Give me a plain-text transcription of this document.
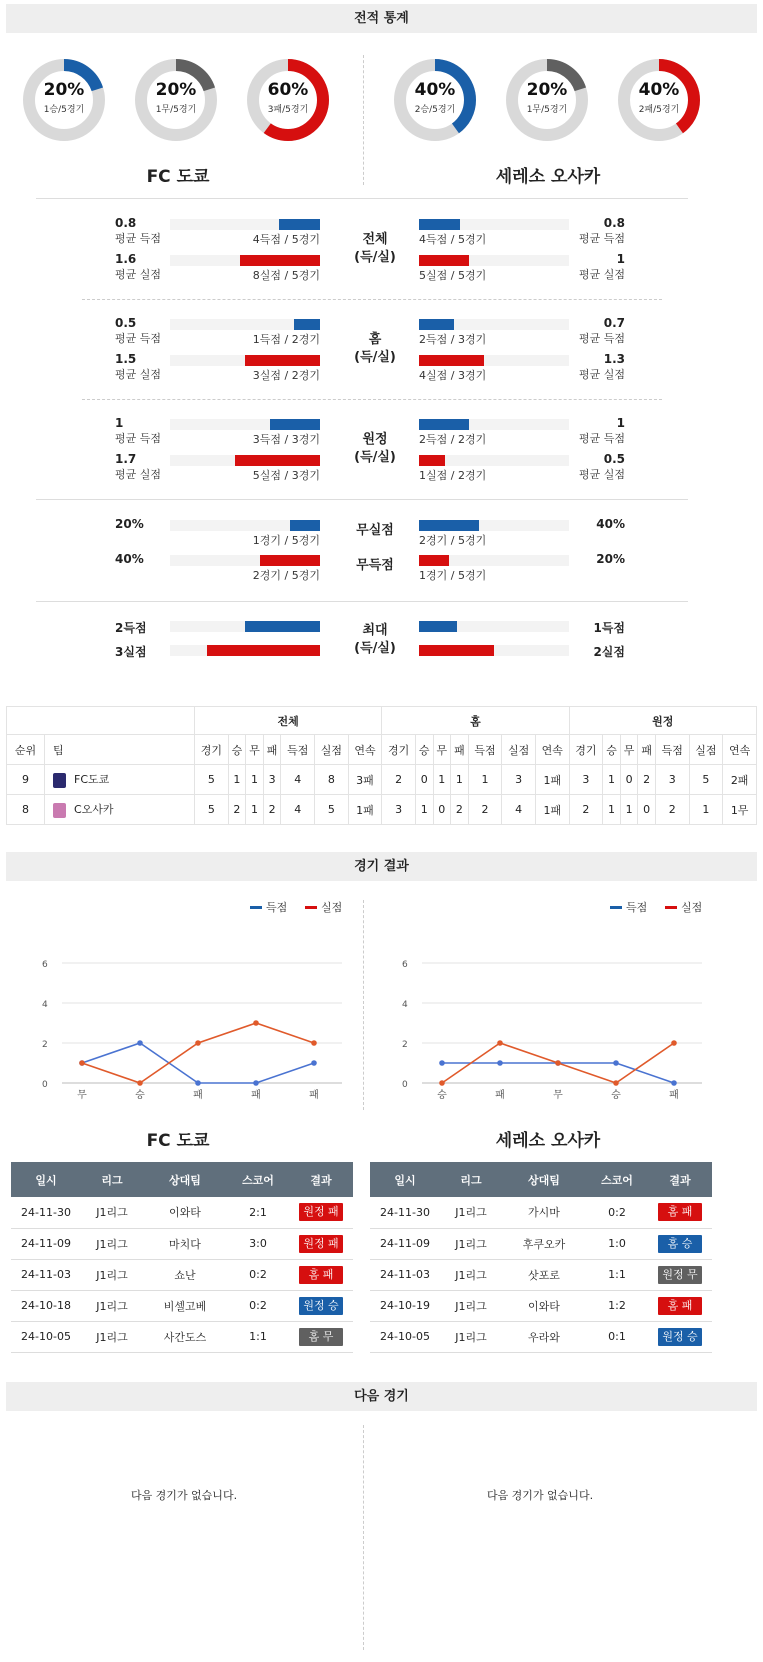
전적 통계
20%
1승/5경기
20%
1무/5경기
60%
3패/5경기
40%
2승/5경기
20%
1무/5경기
40%
2패/5경기
FC 도쿄	세레소 오사카
0.8
평균 득점
0.8
평균 득점
4득점 / 5경기	4득점 / 5경기
1.6
평균 실점
1
평균 실점
8실점 / 5경기	5실점 / 5경기
전체
(득/실)
0.5
평균 득점
0.7
평균 득점
1득점 / 2경기	2득점 / 3경기
1.5
평균 실점
1.3
평균 실점
3실점 / 2경기	4실점 / 3경기
홈
(득/실)
1
평균 득점
1
평균 득점
3득점 / 3경기	2득점 / 2경기
1.7
평균 실점
0.5
평균 실점
5실점 / 3경기	1실점 / 2경기
원정
(득/실)
20%	40%
1경기 / 5경기	2경기 / 5경기
무실점
40%	20%
2경기 / 5경기	1경기 / 5경기
무득점
2득점	1득점
3실점	2실점
최대
(득/실)
		전체							홈							원정						
순위	팀	경기	승	무	패	득점	실점	연속	경기	승	무	패	득점	실점	연속	경기	승	무	패	득점	실점	연속
9	FC도쿄	5	1	1	3	4	8	3패	2	0	1	1	1	3	1패	3	1	0	2	3	5	2패
8	C오사카	5	2	1	2	4	5	1패	3	1	0	2	2	4	1패	2	1	1	0	2	1	1무
경기 결과
득점	실점
0
2
4
6
무	승	패	패	패
득점	실점
0
2
4
6
승	패	무	승	패
FC 도쿄	세레소 오사카
일시	리그	상대팀	스코어	결과
24-11-30	J1리그	이와타	2:1	원정 패
24-11-09	J1리그	마치다	3:0	원정 패
24-11-03	J1리그	쇼난	0:2	홈 패
24-10-18	J1리그	비셀고베	0:2	원정 승
24-10-05	J1리그	사간도스	1:1	홈 무
일시	리그	상대팀	스코어	결과
24-11-30	J1리그	가시마	0:2	홈 패
24-11-09	J1리그	후쿠오카	1:0	홈 승
24-11-03	J1리그	삿포로	1:1	원정 무
24-10-19	J1리그	이와타	1:2	홈 패
24-10-05	J1리그	우라와	0:1	원정 승
다음 경기
다음 경기가 없습니다.	다음 경기가 없습니다.
